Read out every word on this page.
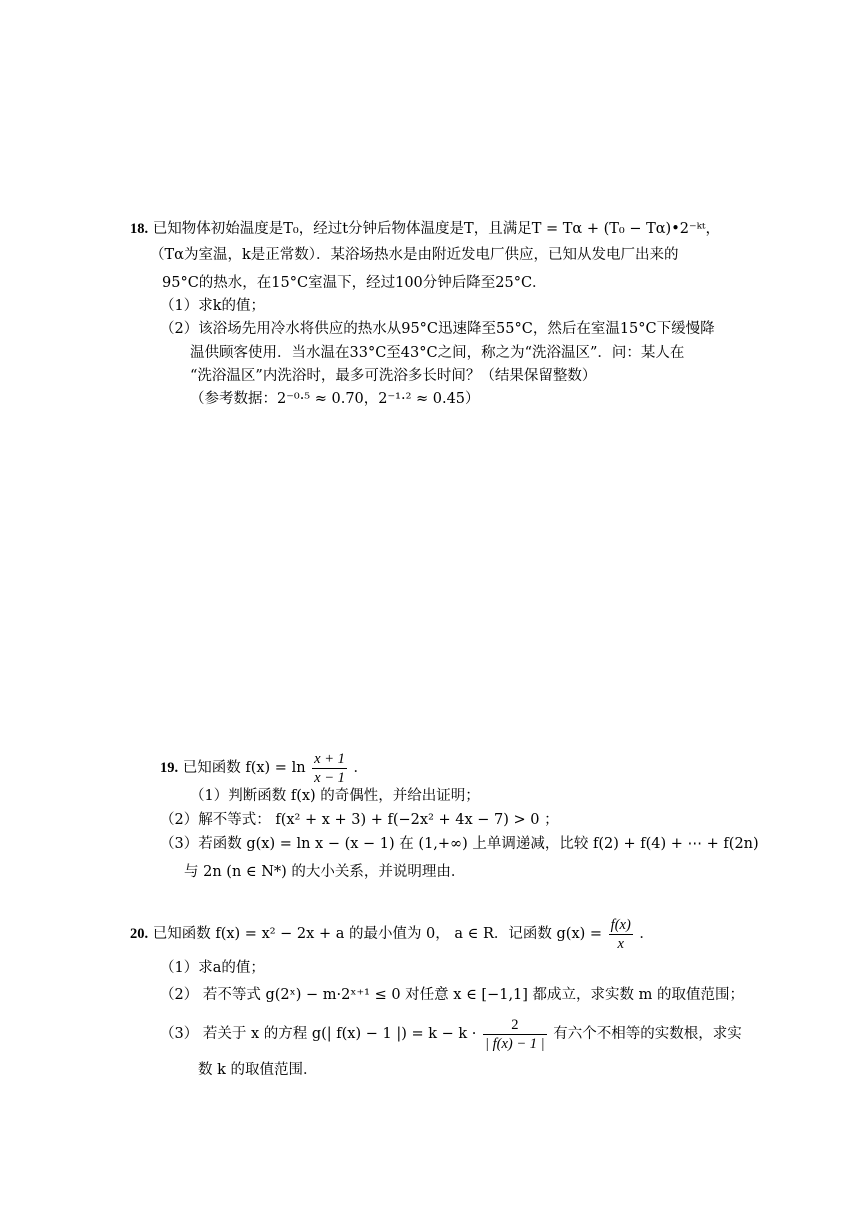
18. 已知物体初始温度是T₀，经过t分钟后物体温度是T，且满足T = Tα + (T₀ − Tα)•2⁻ᵏᵗ，
（Tα为室温，k是正常数）．某浴场热水是由附近发电厂供应，已知从发电厂出来的
95°C的热水，在15°C室温下，经过100分钟后降至25°C．
（1）求k的值；
（2）该浴场先用冷水将供应的热水从95°C迅速降至55°C，然后在室温15°C下缓慢降
温供顾客使用．当水温在33°C至43°C之间，称之为“洗浴温区”．问：某人在
“洗浴温区”内洗浴时，最多可洗浴多长时间？（结果保留整数）
（参考数据：2⁻⁰·⁵ ≈ 0.70，2⁻¹·² ≈ 0.45）
19. 已知函数 $f(x) = \ln \frac{x + 1}{x - 1}$ ．
（1）判断函数 f(x) 的奇偶性，并给出证明；
（2）解不等式： f(x² + x + 3) + f(−2x² + 4x − 7) > 0 ；
（3）若函数 g(x) = ln x − (x − 1) 在 (1,+∞) 上单调递减，比较 f(2) + f(4) + ⋯ + f(2n)
与 2n (n ∈ N*) 的大小关系，并说明理由．
20. 已知函数 f(x) = x² − 2x + a 的最小值为 0， a ∈ R．记函数 $g(x) = \frac{f(x)}{x}$ ．
（1）求a的值；
（2） 若不等式 g(2ˣ) − m·2ˣ⁺¹ ≤ 0 对任意 x ∈ [−1,1] 都成立，求实数 m 的取值范围；
（3） 若关于 x 的方程 g(| f(x) − 1 |) = $k - k \cdot \frac{2}{| f(x) - 1 |}$ 有六个不相等的实数根，求实
数 k 的取值范围．
